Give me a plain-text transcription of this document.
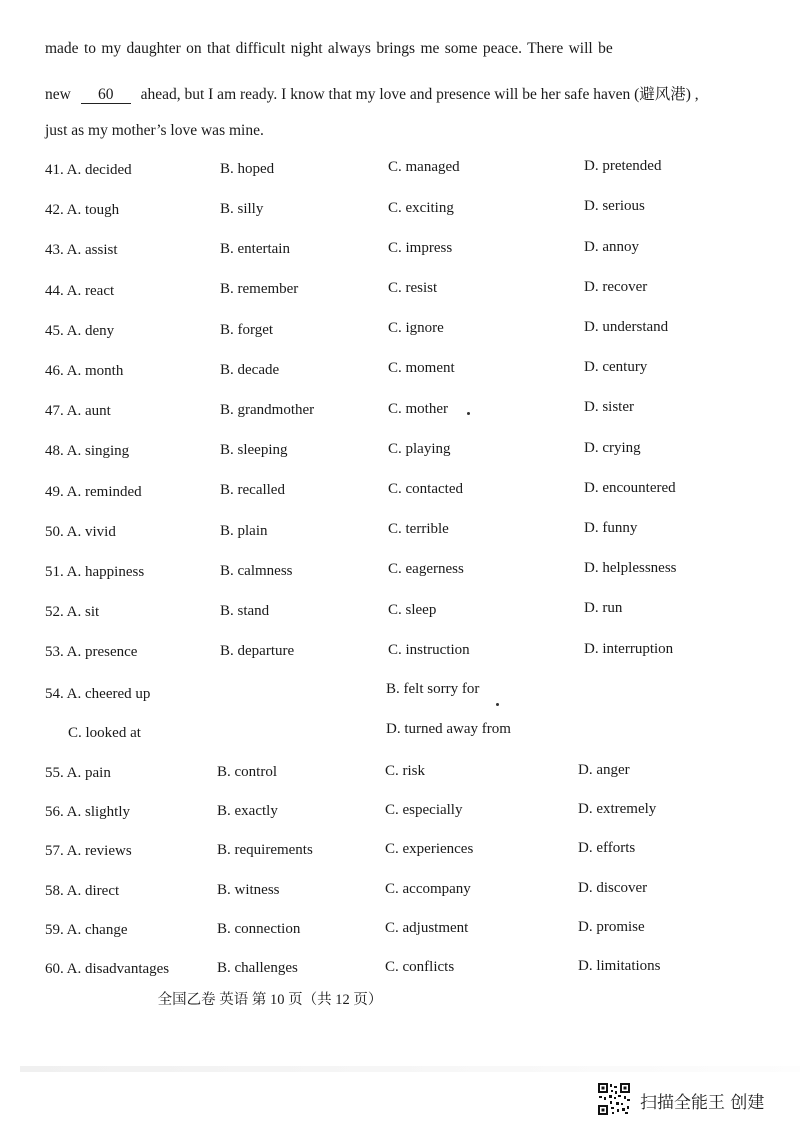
made to my daughter on that difficult night always brings me some peace. There will be
new 60 ahead, but I am ready. I know that my love and presence will be her safe haven (避风港) ,
just as my mother’s love was mine.
41. A. decided	B. hoped	C. managed	D. pretended
42. A. tough	B. silly	C. exciting	D. serious
43. A. assist	B. entertain	C. impress	D. annoy
44. A. react	B. remember	C. resist	D. recover
45. A. deny	B. forget	C. ignore	D. understand
46. A. month	B. decade	C. moment	D. century
47. A. aunt	B. grandmother	C. mother	D. sister
48. A. singing	B. sleeping	C. playing	D. crying
49. A. reminded	B. recalled	C. contacted	D. encountered
50. A. vivid	B. plain	C. terrible	D. funny
51. A. happiness	B. calmness	C. eagerness	D. helplessness
52. A. sit	B. stand	C. sleep	D. run
53. A. presence	B. departure	C. instruction	D. interruption
55. A. pain	B. control	C. risk	D. anger
56. A. slightly	B. exactly	C. especially	D. extremely
57. A. reviews	B. requirements	C. experiences	D. efforts
58. A. direct	B. witness	C. accompany	D. discover
59. A. change	B. connection	C. adjustment	D. promise
60. A. disadvantages	B. challenges	C. conflicts	D. limitations
54. A. cheered up	B. felt sorry for
C. looked at	D. turned away from
全国乙卷 英语 第 10 页（共 12 页）
扫描全能王 创建
